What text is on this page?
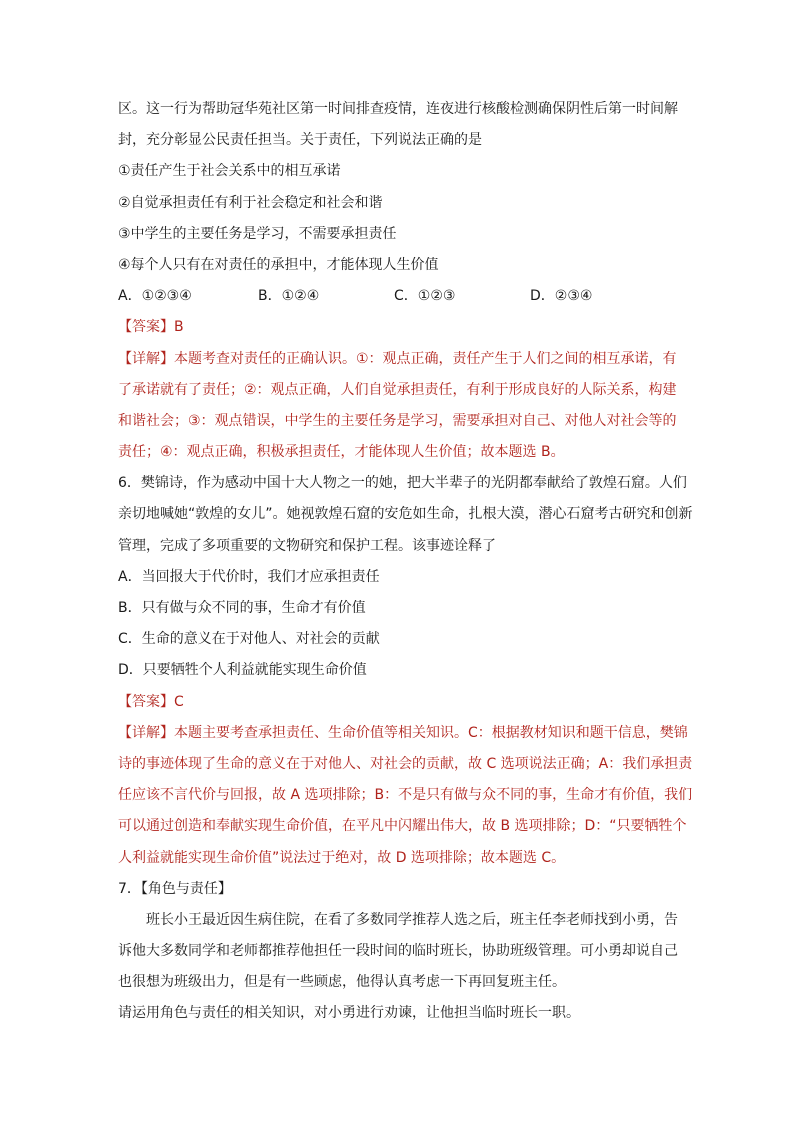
区。这一行为帮助冠华苑社区第一时间排查疫情，连夜进行核酸检测确保阴性后第一时间解
封，充分彰显公民责任担当。关于责任，下列说法正确的是
①责任产生于社会关系中的相互承诺
②自觉承担责任有利于社会稳定和社会和谐
③中学生的主要任务是学习，不需要承担责任
④每个人只有在对责任的承担中，才能体现人生价值
A．①②③④	B．①②④	C．①②③	D．②③④
【答案】B
【详解】本题考查对责任的正确认识。①：观点正确，责任产生于人们之间的相互承诺，有
了承诺就有了责任；②：观点正确，人们自觉承担责任，有利于形成良好的人际关系，构建
和谐社会；③：观点错误，中学生的主要任务是学习，需要承担对自己、对他人对社会等的
责任；④：观点正确，积极承担责任，才能体现人生价值；故本题选 B。
6．樊锦诗，作为感动中国十大人物之一的她，把大半辈子的光阴都奉献给了敦煌石窟。人们
亲切地喊她“敦煌的女儿”。她视敦煌石窟的安危如生命，扎根大漠，潜心石窟考古研究和创新
管理，完成了多项重要的文物研究和保护工程。该事迹诠释了
A．当回报大于代价时，我们才应承担责任
B．只有做与众不同的事，生命才有价值
C．生命的意义在于对他人、对社会的贡献
D．只要牺牲个人利益就能实现生命价值
【答案】C
【详解】本题主要考查承担责任、生命价值等相关知识。C：根据教材知识和题干信息，樊锦
诗的事迹体现了生命的意义在于对他人、对社会的贡献，故 C 选项说法正确；A：我们承担责
任应该不言代价与回报，故 A 选项排除；B：不是只有做与众不同的事，生命才有价值，我们
可以通过创造和奉献实现生命价值，在平凡中闪耀出伟大，故 B 选项排除；D：“只要牺牲个
人利益就能实现生命价值”说法过于绝对，故 D 选项排除；故本题选 C。
7．【角色与责任】
班长小王最近因生病住院，在看了多数同学推荐人选之后，班主任李老师找到小勇，告
诉他大多数同学和老师都推荐他担任一段时间的临时班长，协助班级管理。可小勇却说自己
也很想为班级出力，但是有一些顾虑，他得认真考虑一下再回复班主任。
请运用角色与责任的相关知识，对小勇进行劝谏，让他担当临时班长一职。
